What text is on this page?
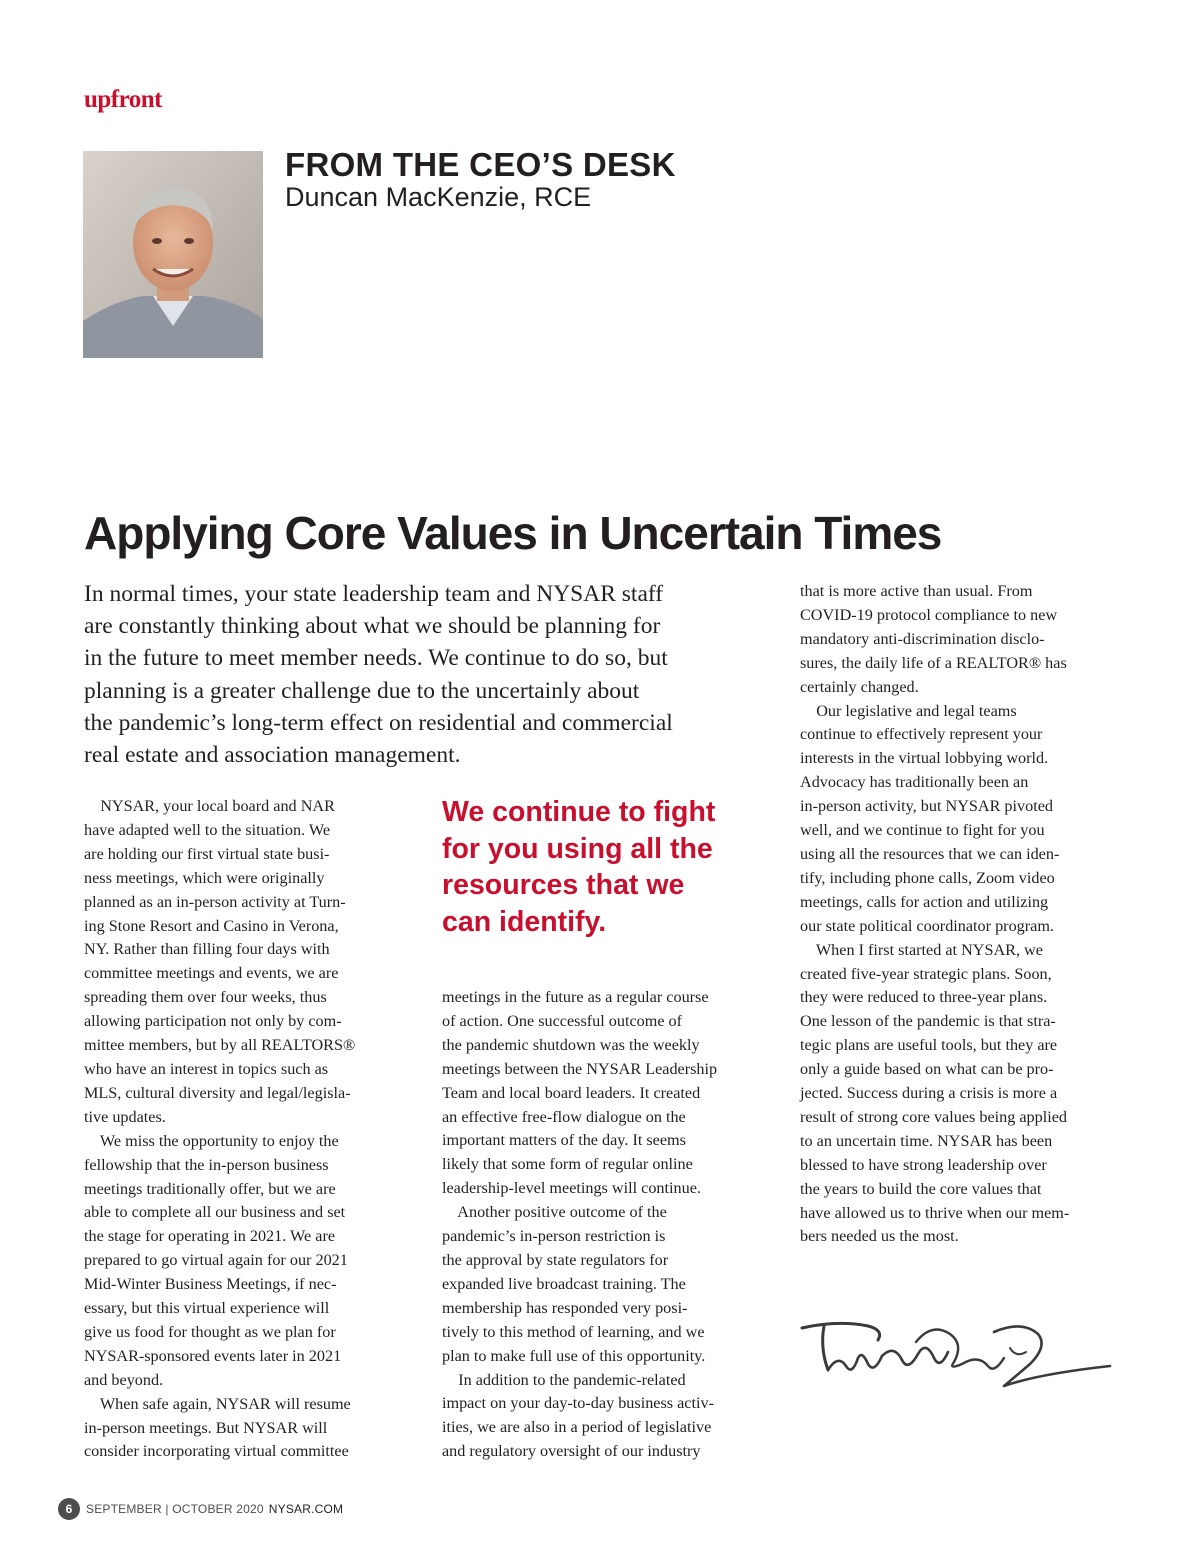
upfront
FROM THE CEO’S DESK
Duncan MacKenzie, RCE
Applying Core Values in Uncertain Times

In normal times, your state leadership team and NYSAR staff

are constantly thinking about what we should be planning for

in the future to meet member needs. We continue to do so, but

planning is a greater challenge due to the uncertainly about

the pandemic’s long-term effect on residential and commercial

real estate and association management.

NYSAR, your local board and NAR

have adapted well to the situation. We

are holding our first virtual state busi-

ness meetings, which were originally

planned as an in-person activity at Turn-

ing Stone Resort and Casino in Verona,

NY. Rather than filling four days with

committee meetings and events, we are

spreading them over four weeks, thus

allowing participation not only by com-

mittee members, but by all REALTORS®

who have an interest in topics such as

MLS, cultural diversity and legal/legisla-

tive updates.

We miss the opportunity to enjoy the

fellowship that the in-person business

meetings traditionally offer, but we are

able to complete all our business and set

the stage for operating in 2021. We are

prepared to go virtual again for our 2021

Mid-Winter Business Meetings, if nec-

essary, but this virtual experience will

give us food for thought as we plan for

NYSAR-sponsored events later in 2021

and beyond.

When safe again, NYSAR will resume

in-person meetings. But NYSAR will

consider incorporating virtual committee

We continue to fight

for you using all the

resources that we

can identify.

meetings in the future as a regular course

of action. One successful outcome of

the pandemic shutdown was the weekly

meetings between the NYSAR Leadership

Team and local board leaders. It created

an effective free-flow dialogue on the

important matters of the day. It seems

likely that some form of regular online

leadership-level meetings will continue.

Another positive outcome of the

pandemic’s in-person restriction is

the approval by state regulators for

expanded live broadcast training. The

membership has responded very posi-

tively to this method of learning, and we

plan to make full use of this opportunity.

In addition to the pandemic-related

impact on your day-to-day business activ-

ities, we are also in a period of legislative

and regulatory oversight of our industry

that is more active than usual. From

COVID-19 protocol compliance to new

mandatory anti-discrimination disclo-

sures, the daily life of a REALTOR® has

certainly changed.

Our legislative and legal teams

continue to effectively represent your

interests in the virtual lobbying world.

Advocacy has traditionally been an

in-person activity, but NYSAR pivoted

well, and we continue to fight for you

using all the resources that we can iden-

tify, including phone calls, Zoom video

meetings, calls for action and utilizing

our state political coordinator program.

When I first started at NYSAR, we

created five-year strategic plans. Soon,

they were reduced to three-year plans.

One lesson of the pandemic is that stra-

tegic plans are useful tools, but they are

only a guide based on what can be pro-

jected. Success during a crisis is more a

result of strong core values being applied

to an uncertain time. NYSAR has been

blessed to have strong leadership over

the years to build the core values that

have allowed us to thrive when our mem-

bers needed us the most.

6	SEPTEMBER | OCTOBER 2020 NYSAR.COM
